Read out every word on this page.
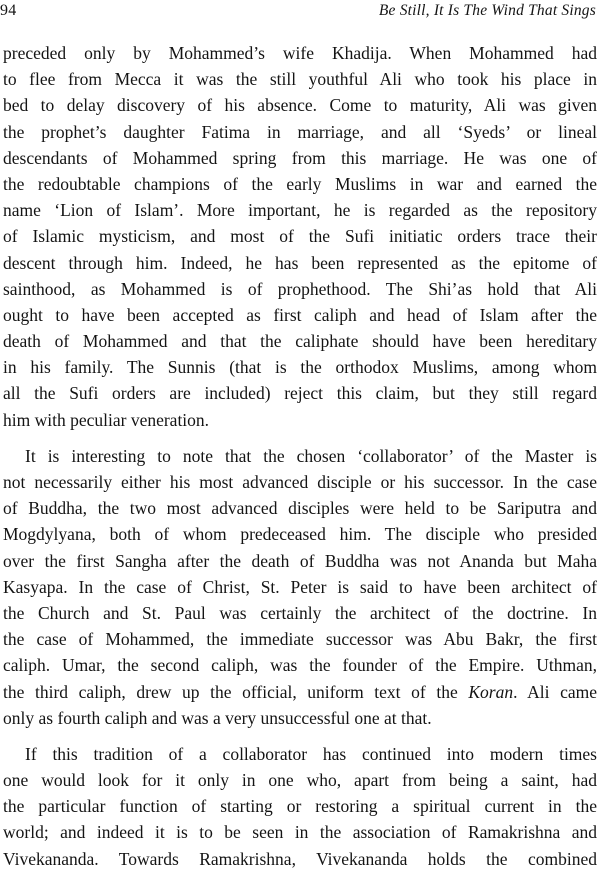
94	Be Still, It Is The Wind That Sings
preceded only by Mohammed’s wife Khadija. When Mohammed had
to flee from Mecca it was the still youthful Ali who took his place in
bed to delay discovery of his absence. Come to maturity, Ali was given
the prophet’s daughter Fatima in marriage, and all ‘Syeds’ or lineal
descendants of Mohammed spring from this marriage. He was one of
the redoubtable champions of the early Muslims in war and earned the
name ‘Lion of Islam’. More important, he is regarded as the repository
of Islamic mysticism, and most of the Sufi initiatic orders trace their
descent through him. Indeed, he has been represented as the epitome of
sainthood, as Mohammed is of prophethood. The Shi’as hold that Ali
ought to have been accepted as first caliph and head of Islam after the
death of Mohammed and that the caliphate should have been hereditary
in his family. The Sunnis (that is the orthodox Muslims, among whom
all the Sufi orders are included) reject this claim, but they still regard
him with peculiar veneration.
It is interesting to note that the chosen ‘collaborator’ of the Master is
not necessarily either his most advanced disciple or his successor. In the case
of Buddha, the two most advanced disciples were held to be Sariputra and
Mogdylyana, both of whom predeceased him. The disciple who presided
over the first Sangha after the death of Buddha was not Ananda but Maha
Kasyapa. In the case of Christ, St. Peter is said to have been architect of
the Church and St. Paul was certainly the architect of the doctrine. In
the case of Mohammed, the immediate successor was Abu Bakr, the first
caliph. Umar, the second caliph, was the founder of the Empire. Uthman,
the third caliph, drew up the official, uniform text of the Koran. Ali came
only as fourth caliph and was a very unsuccessful one at that.
If this tradition of a collaborator has continued into modern times
one would look for it only in one who, apart from being a saint, had
the particular function of starting or restoring a spiritual current in the
world; and indeed it is to be seen in the association of Ramakrishna and
Vivekananda. Towards Ramakrishna, Vivekananda holds the combined
